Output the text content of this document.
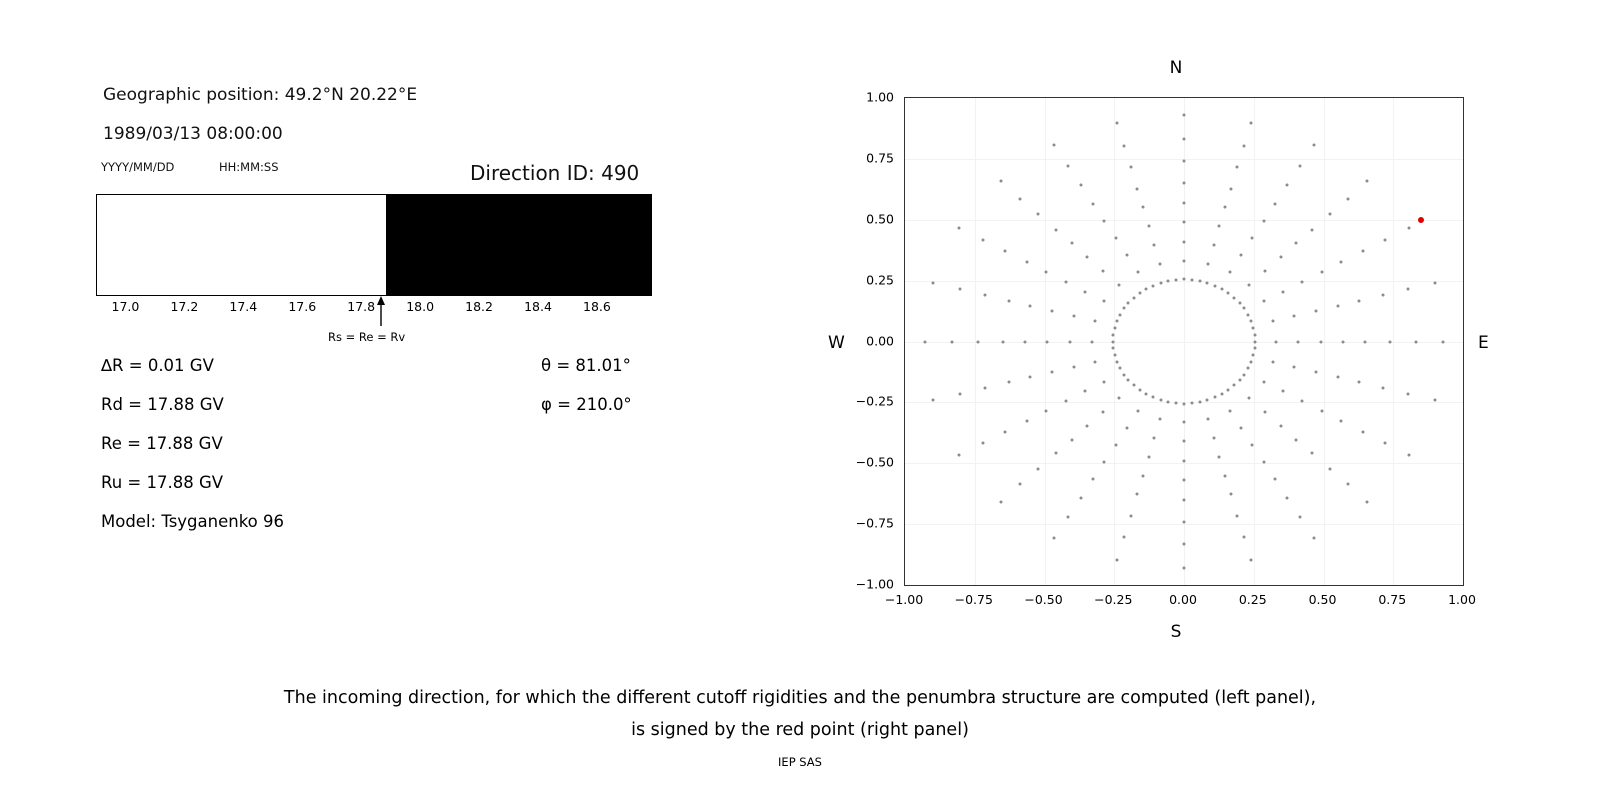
Geographic position: 49.2°N 20.22°E
1989/03/13 08:00:00
YYYY/MM/DD	HH:MM:SS	Direction ID: 490
17.0 17.2 17.4 17.6 17.8 18.0 18.2 18.4 18.6
Rs = Re = Rv
∆R = 0.01 GV
Rd = 17.88 GV
Re = 17.88 GV
Ru = 17.88 GV
Model: Tsyganenko 96
θ = 81.01°
φ = 210.0°
N
S
W	E
−1.00
−0.75
−0.50
−0.25
0.00
0.25
0.50
0.75
1.00
−1.00	−0.75	−0.50	−0.25	0.00	0.25	0.50	0.75	1.00
The incoming direction, for which the different cutoff rigidities and the penumbra structure are computed (left panel),
is signed by the red point (right panel)
IEP SAS
